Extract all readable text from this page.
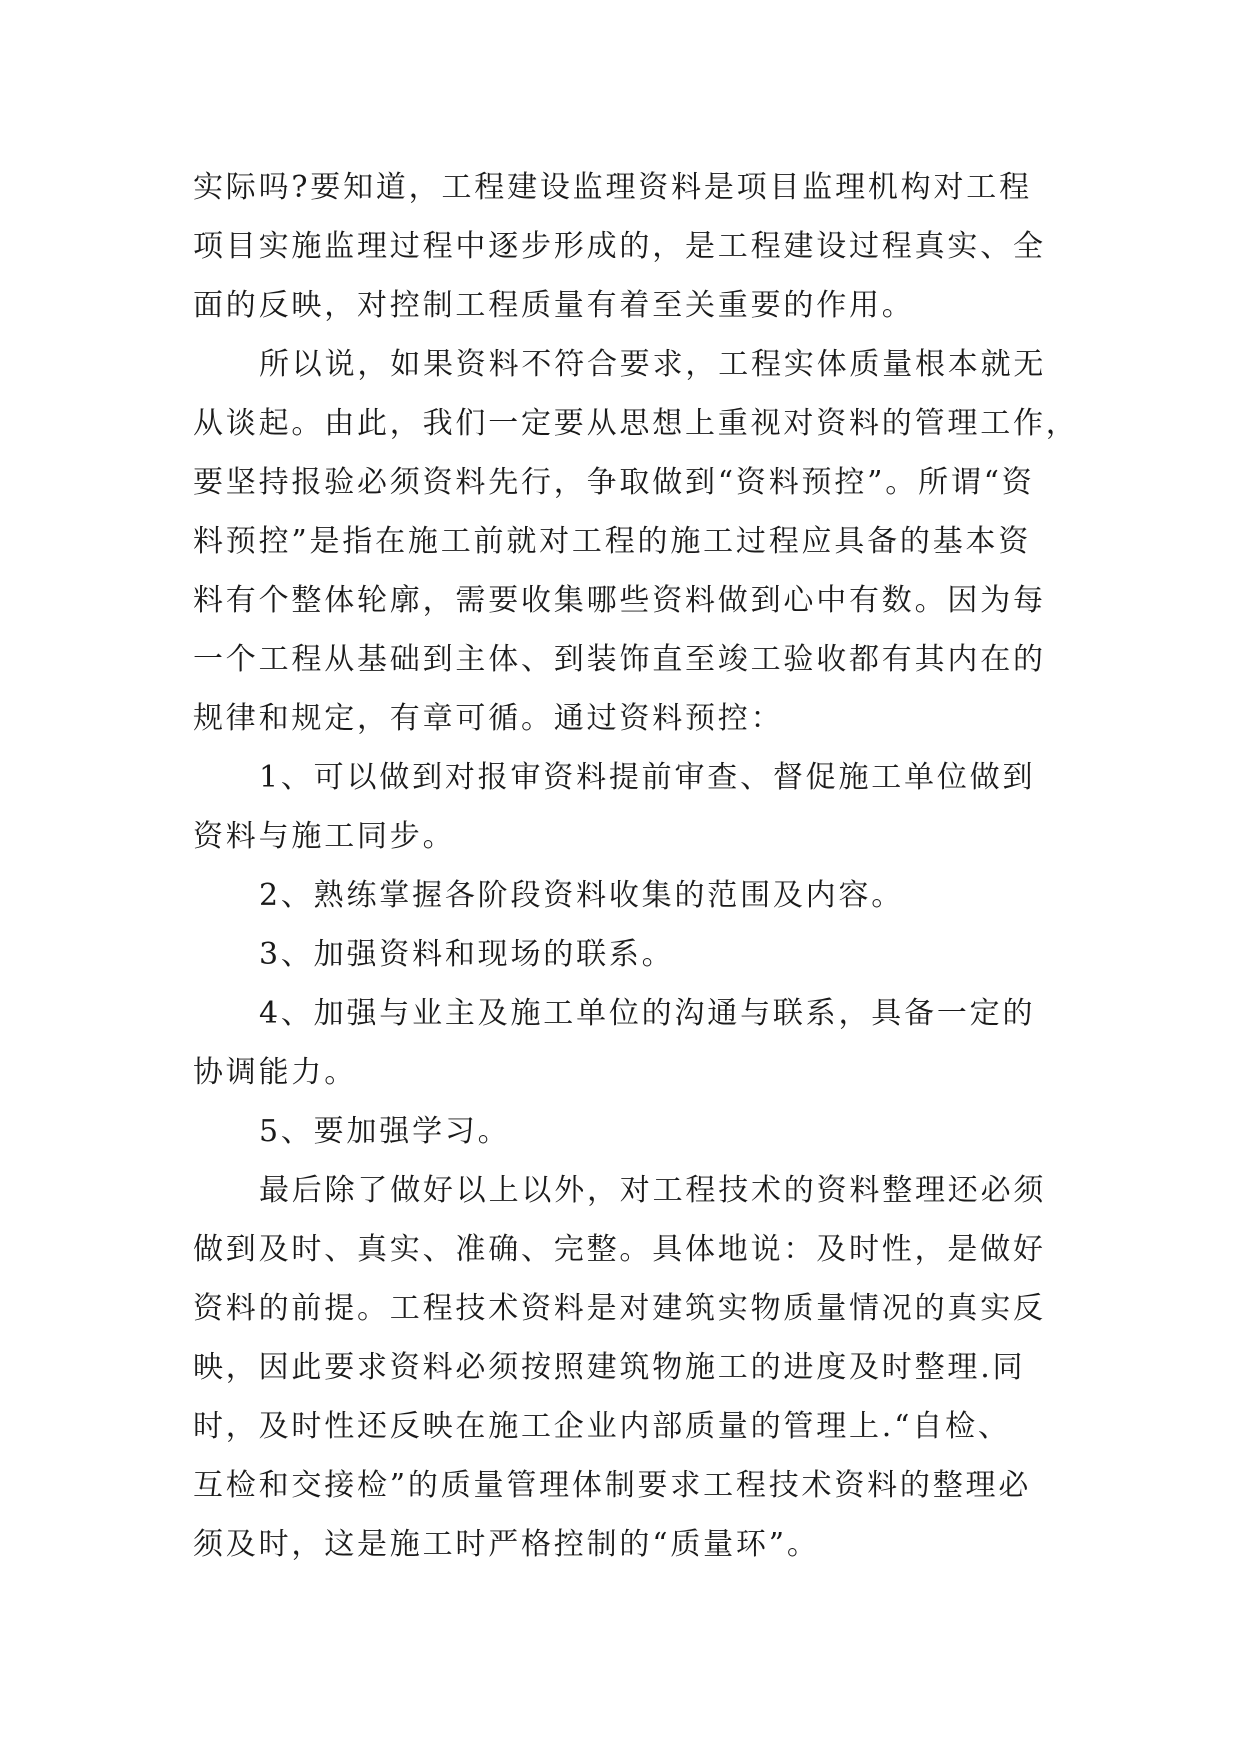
实际吗?要知道，工程建设监理资料是项目监理机构对工程
项目实施监理过程中逐步形成的，是工程建设过程真实、全
面的反映，对控制工程质量有着至关重要的作用。
所以说，如果资料不符合要求，工程实体质量根本就无
从谈起。由此，我们一定要从思想上重视对资料的管理工作，
要坚持报验必须资料先行，争取做到“资料预控”。所谓“资
料预控”是指在施工前就对工程的施工过程应具备的基本资
料有个整体轮廓，需要收集哪些资料做到心中有数。因为每
一个工程从基础到主体、到装饰直至竣工验收都有其内在的
规律和规定，有章可循。通过资料预控：
1、可以做到对报审资料提前审查、督促施工单位做到
资料与施工同步。
2、熟练掌握各阶段资料收集的范围及内容。
3、加强资料和现场的联系。
4、加强与业主及施工单位的沟通与联系，具备一定的
协调能力。
5、要加强学习。
最后除了做好以上以外，对工程技术的资料整理还必须
做到及时、真实、准确、完整。具体地说：及时性，是做好
资料的前提。工程技术资料是对建筑实物质量情况的真实反
映，因此要求资料必须按照建筑物施工的进度及时整理.同
时，及时性还反映在施工企业内部质量的管理上.“自检、
互检和交接检”的质量管理体制要求工程技术资料的整理必
须及时，这是施工时严格控制的“质量环”。
